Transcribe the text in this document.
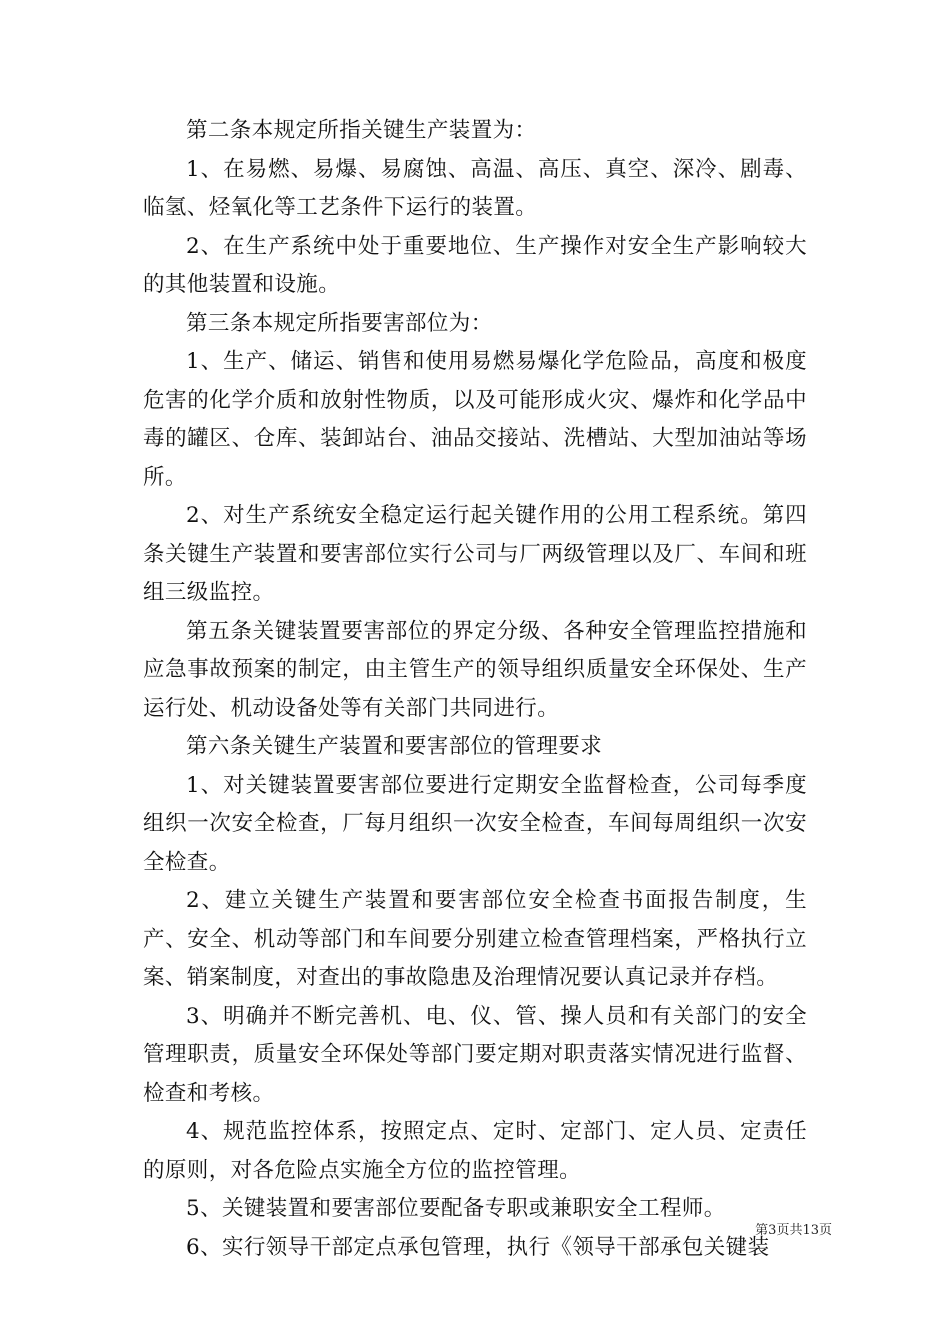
第二条本规定所指关键生产装置为：

1、在易燃、易爆、易腐蚀、高温、高压、真空、深冷、剧毒、临氢、烃氧化等工艺条件下运行的装置。

2、在生产系统中处于重要地位、生产操作对安全生产影响较大的其他装置和设施。

第三条本规定所指要害部位为：

1、生产、储运、销售和使用易燃易爆化学危险品，高度和极度危害的化学介质和放射性物质，以及可能形成火灾、爆炸和化学品中毒的罐区、仓库、装卸站台、油品交接站、洗槽站、大型加油站等场所。

2、对生产系统安全稳定运行起关键作用的公用工程系统。第四条关键生产装置和要害部位实行公司与厂两级管理以及厂、车间和班组三级监控。

第五条关键装置要害部位的界定分级、各种安全管理监控措施和应急事故预案的制定，由主管生产的领导组织质量安全环保处、生产运行处、机动设备处等有关部门共同进行。

第六条关键生产装置和要害部位的管理要求

1、对关键装置要害部位要进行定期安全监督检查，公司每季度组织一次安全检查，厂每月组织一次安全检查，车间每周组织一次安全检查。

2、建立关键生产装置和要害部位安全检查书面报告制度，生产、安全、机动等部门和车间要分别建立检查管理档案，严格执行立案、销案制度，对查出的事故隐患及治理情况要认真记录并存档。

3、明确并不断完善机、电、仪、管、操人员和有关部门的安全管理职责，质量安全环保处等部门要定期对职责落实情况进行监督、检查和考核。

4、规范监控体系，按照定点、定时、定部门、定人员、定责任的原则，对各危险点实施全方位的监控管理。

5、关键装置和要害部位要配备专职或兼职安全工程师。

6、实行领导干部定点承包管理，执行《领导干部承包关键装

第3页共13页
